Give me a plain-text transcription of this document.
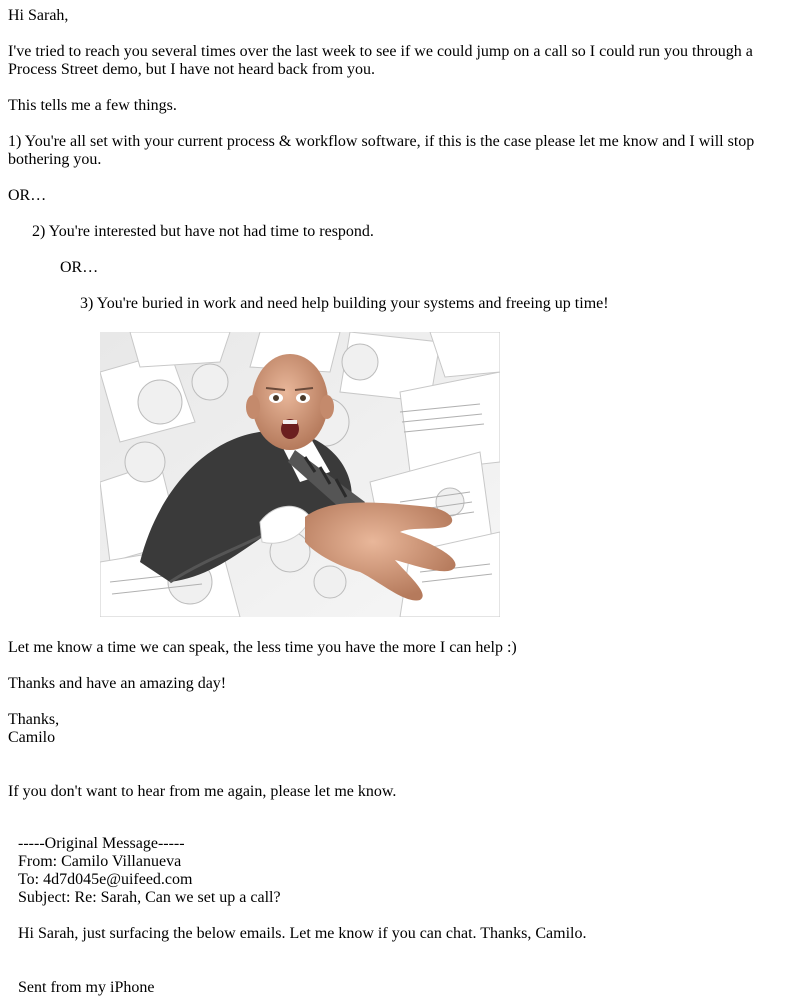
Hi Sarah,

I've tried to reach you several times over the last week to see if we could jump on a call so I could run you through a Process Street demo, but I have not heard back from you.

This tells me a few things.

1) You're all set with your current process & workflow software, if this is the case please let me know and I will stop bothering you.

OR…

2) You're interested but have not had time to respond.

OR…

3) You're buried in work and need help building your systems and freeing up time!

Let me know a time we can speak, the less time you have the more I can help :)

Thanks and have an amazing day!

Thanks,

Camilo

If you don't want to hear from me again, please let me know.

-----Original Message-----

From: Camilo Villanueva

To: 4d7d045e@uifeed.com

Subject: Re: Sarah, Can we set up a call?

Hi Sarah, just surfacing the below emails. Let me know if you can chat. Thanks, Camilo.

Sent from my iPhone
